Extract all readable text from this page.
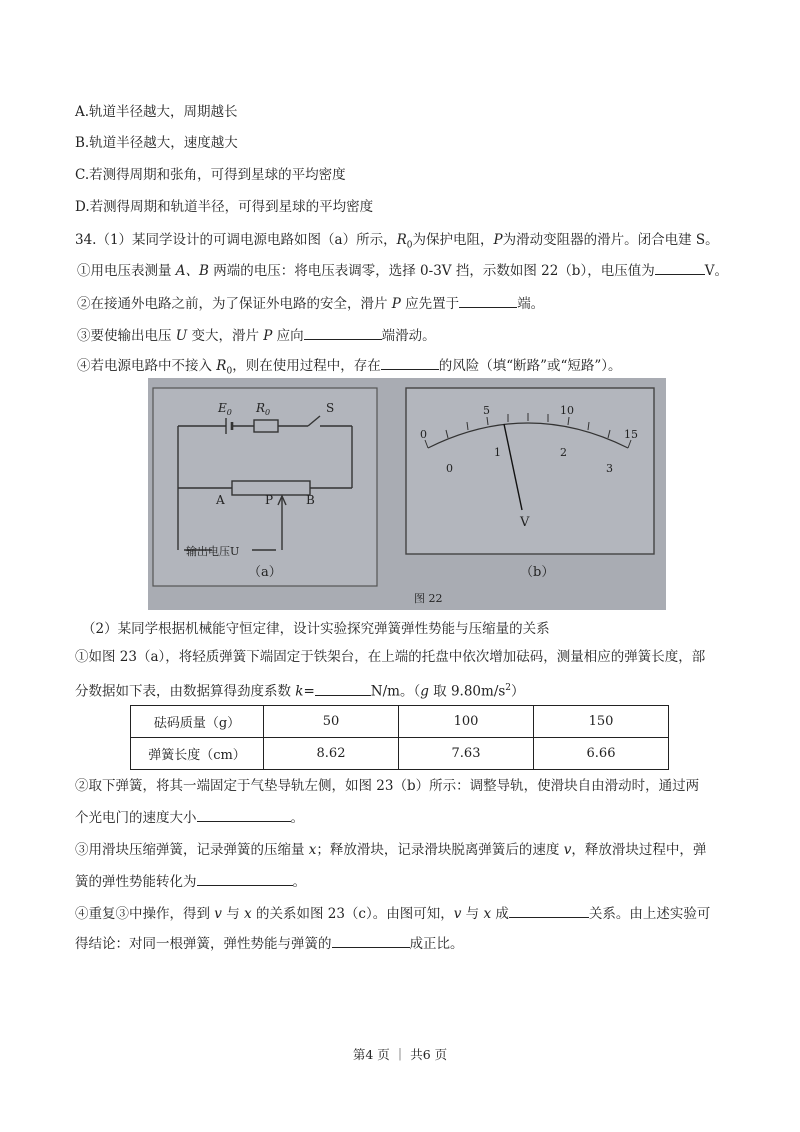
A.轨道半径越大，周期越长
B.轨道半径越大，速度越大
C.若测得周期和张角，可得到星球的平均密度
D.若测得周期和轨道半径，可得到星球的平均密度
34.（1）某同学设计的可调电源电路如图（a）所示，$R_0$为保护电阻，P为滑动变阻器的滑片。闭合电建 S。
①用电压表测量 A、B 两端的电压：将电压表调零，选择 0-3V 挡，示数如图 22（b），电压值为	V。
②在接通外电路之前，为了保证外电路的安全，滑片 P 应先置于	端。
③要使输出电压 U 变大，滑片 P 应向	端滑动。
④若电源电路中不接入 $R_0$，则在使用过程中，存在	的风险（填“断路”或“短路”）。
$E_0$ $R_0$	S
A	P	B
输出电压U
（a）
0
5	10
15
0
1	2
3
V
（b）
图 22
（2）某同学根据机械能守恒定律，设计实验探究弹簧弹性势能与压缩量的关系
①如图 23（a），将轻质弹簧下端固定于铁架台，在上端的托盘中依次增加砝码，测量相应的弹簧长度，部
分数据如下表，由数据算得劲度系数 k=	N/m。（g 取 $9.80m/s^2$）
砝码质量（g）	50	100	150
弹簧长度（cm）	8.62	7.63	6.66
②取下弹簧，将其一端固定于气垫导轨左侧，如图 23（b）所示：调整导轨，使滑块自由滑动时，通过两
个光电门的速度大小	。
③用滑块压缩弹簧，记录弹簧的压缩量 x；释放滑块，记录滑块脱离弹簧后的速度 v，释放滑块过程中，弹
簧的弹性势能转化为	。
④重复③中操作，得到 v 与 x 的关系如图 23（c）。由图可知，v 与 x 成	关系。由上述实验可
得结论：对同一根弹簧，弹性势能与弹簧的	成正比。
第4 页 ｜ 共6 页
